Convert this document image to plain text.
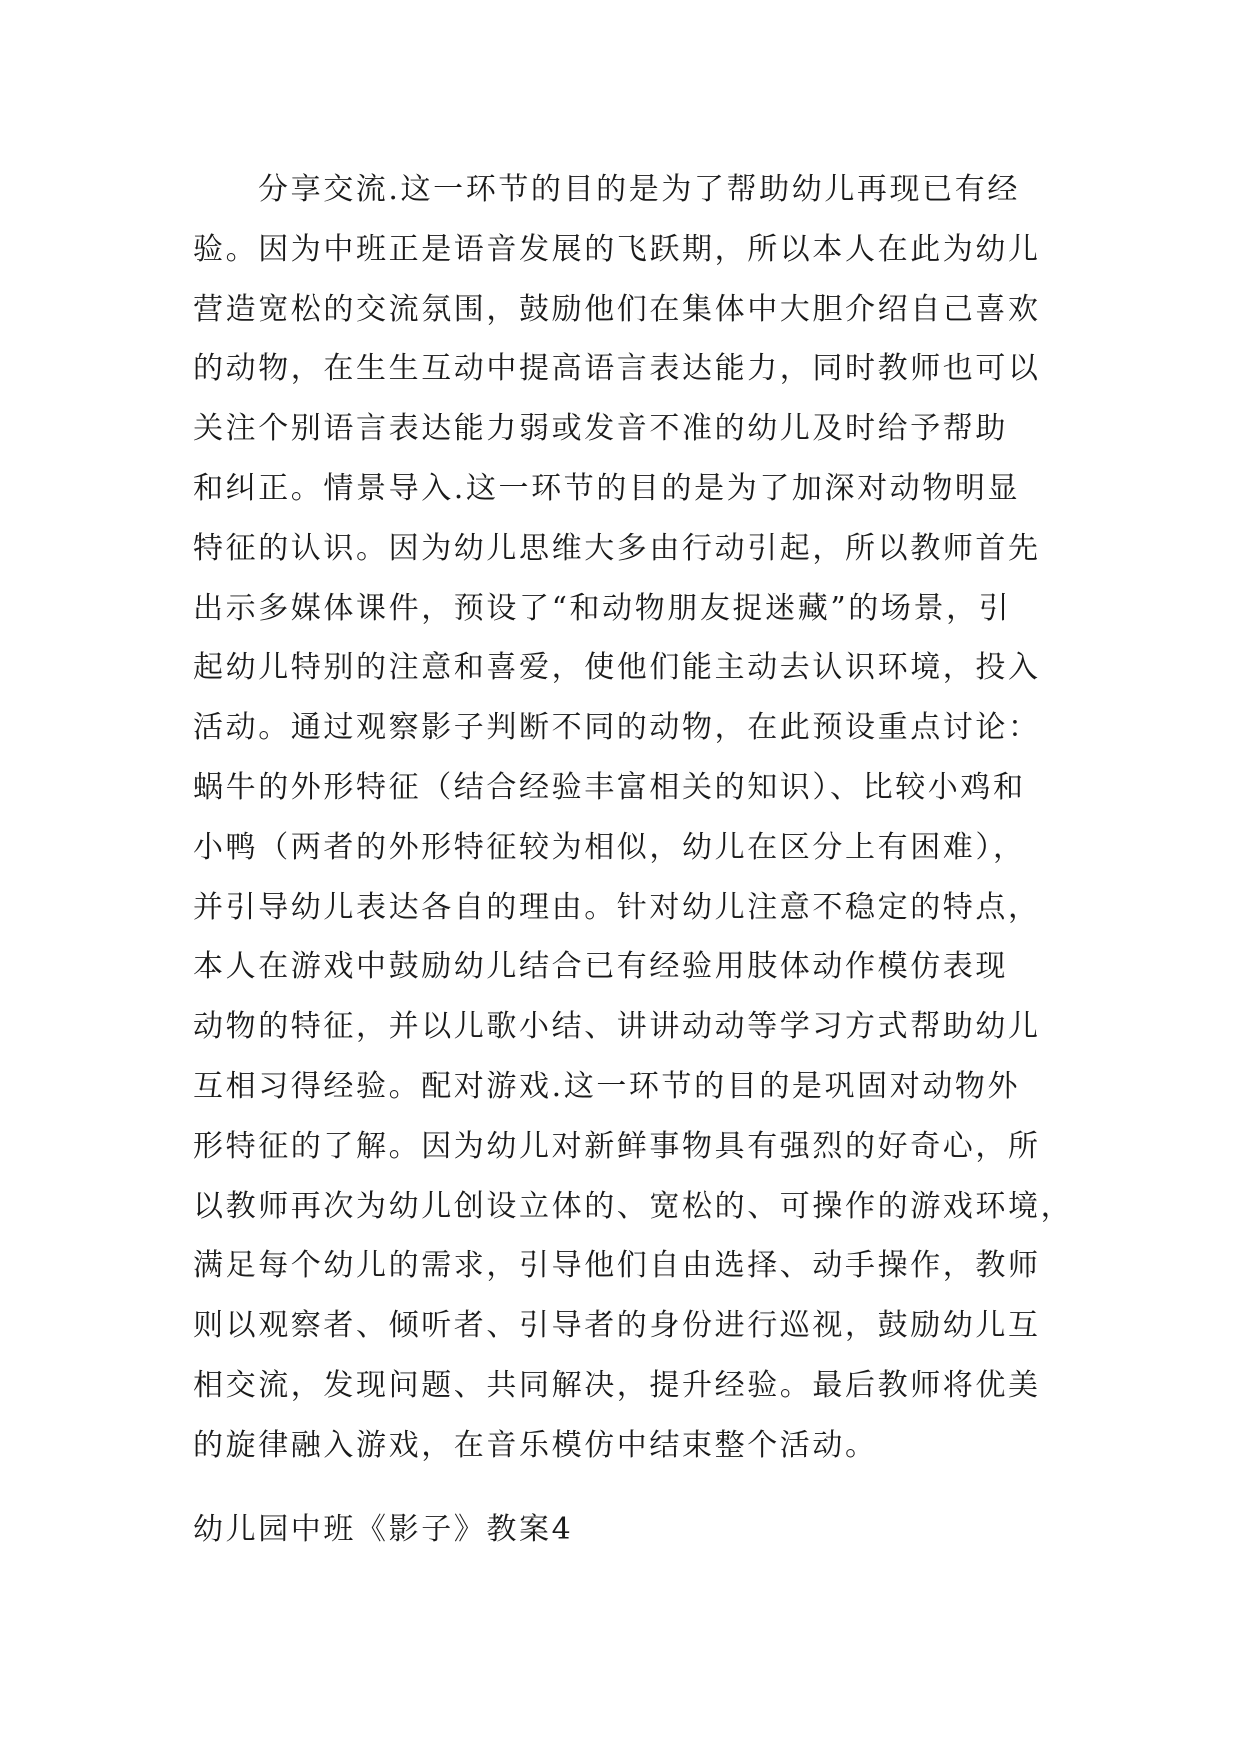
分享交流.这一环节的目的是为了帮助幼儿再现已有经
验。因为中班正是语音发展的飞跃期，所以本人在此为幼儿
营造宽松的交流氛围，鼓励他们在集体中大胆介绍自己喜欢
的动物，在生生互动中提高语言表达能力，同时教师也可以
关注个别语言表达能力弱或发音不准的幼儿及时给予帮助
和纠正。情景导入.这一环节的目的是为了加深对动物明显
特征的认识。因为幼儿思维大多由行动引起，所以教师首先
出示多媒体课件，预设了“和动物朋友捉迷藏”的场景，引
起幼儿特别的注意和喜爱，使他们能主动去认识环境，投入
活动。通过观察影子判断不同的动物，在此预设重点讨论：
蜗牛的外形特征（结合经验丰富相关的知识）、比较小鸡和
小鸭（两者的外形特征较为相似，幼儿在区分上有困难），
并引导幼儿表达各自的理由。针对幼儿注意不稳定的特点，
本人在游戏中鼓励幼儿结合已有经验用肢体动作模仿表现
动物的特征，并以儿歌小结、讲讲动动等学习方式帮助幼儿
互相习得经验。配对游戏.这一环节的目的是巩固对动物外
形特征的了解。因为幼儿对新鲜事物具有强烈的好奇心，所
以教师再次为幼儿创设立体的、宽松的、可操作的游戏环境，
满足每个幼儿的需求，引导他们自由选择、动手操作，教师
则以观察者、倾听者、引导者的身份进行巡视，鼓励幼儿互
相交流，发现问题、共同解决，提升经验。最后教师将优美
的旋律融入游戏，在音乐模仿中结束整个活动。
幼儿园中班《影子》教案4
